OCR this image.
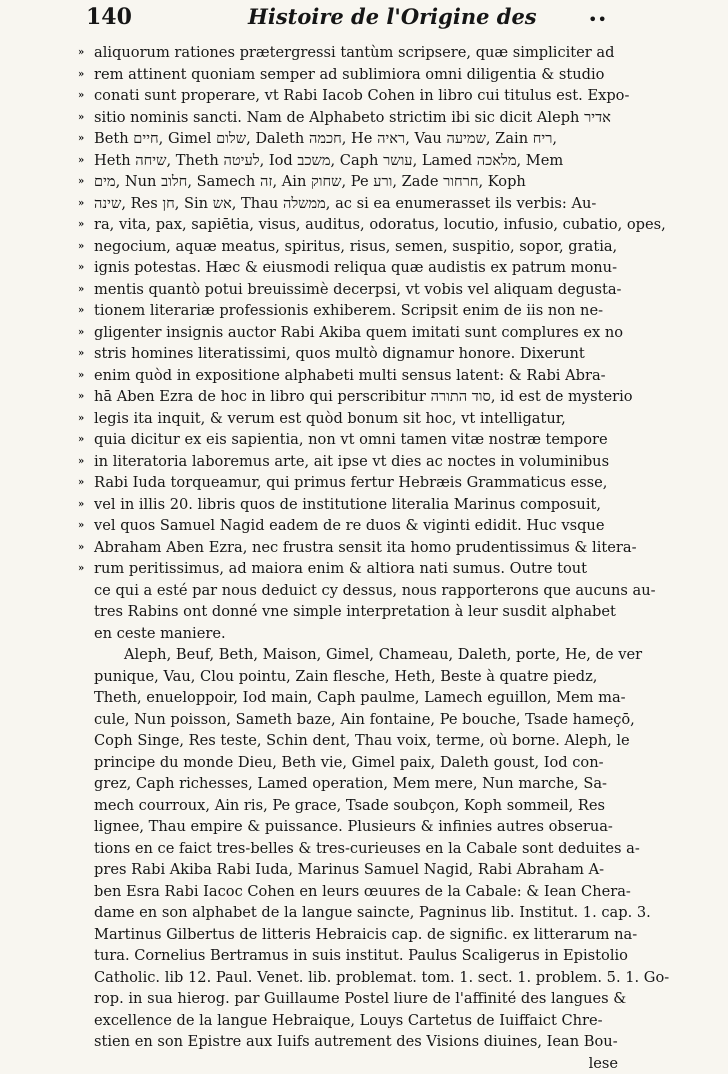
140	Histoire de l'Origine des	••
» aliquorum rationes prætergressi tantùm scripsere, quæ simpliciter ad
» rem attinent quoniam semper ad sublimiora omni diligentia & studio
» conati sunt properare, vt Rabi Iacob Cohen in libro cui titulus est. Expo-
» sitio nominis sancti. Nam de Alphabeto strictim ibi sic dicit Aleph אדיר
» Beth חיים, Gimel שלום, Daleth חכמה, He ראיה, Vau שמיעה, Zain ריח,
» Heth שיחה, Theth לעיטה, Iod משכב, Caph עושר, Lamed מלאכה, Mem
» מים, Nun חלוב, Samech זה, Ain שחוק, Pe ורע, Zade חרחור, Koph
» שינה, Res חן, Sin אש, Thau ממשלה, ac si ea enumerasset ils verbis: Au-
» ra, vita, pax, sapiētia, visus, auditus, odoratus, locutio, infusio, cubatio, opes,
» negocium, aquæ meatus, spiritus, risus, semen, suspitio, sopor, gratia,
» ignis potestas. Hæc & eiusmodi reliqua quæ audistis ex patrum monu-
» mentis quantò potui breuissimè decerpsi, vt vobis vel aliquam degusta-
» tionem literariæ professionis exhiberem. Scripsit enim de iis non ne-
» gligenter insignis auctor Rabi Akiba quem imitati sunt complures ex no
» stris homines literatissimi, quos multò dignamur honore. Dixerunt
» enim quòd in expositione alphabeti multi sensus latent: & Rabi Abra-
» hā Aben Ezra de hoc in libro qui perscribitur סוד התורה, id est de mysterio
» legis ita inquit, & verum est quòd bonum sit hoc, vt intelligatur,
» quia dicitur ex eis sapientia, non vt omni tamen vitæ nostræ tempore
» in literatoria laboremus arte, ait ipse vt dies ac noctes in voluminibus
» Rabi Iuda torqueamur, qui primus fertur Hebræis Grammaticus esse,
» vel in illis 20. libris quos de institutione literalia Marinus composuit,
» vel quos Samuel Nagid eadem de re duos & viginti edidit. Huc vsque
» Abraham Aben Ezra, nec frustra sensit ita homo prudentissimus & litera-
» rum peritissimus, ad maiora enim & altiora nati sumus. Outre tout
ce qui a esté par nous deduict cy dessus, nous rapporterons que aucuns au-
tres Rabins ont donné vne simple interpretation à leur susdit alphabet
en ceste maniere.
Aleph, Beuf, Beth, Maison, Gimel, Chameau, Daleth, porte, He, de ver
punique, Vau, Clou pointu, Zain flesche, Heth, Beste à quatre piedz,
Theth, enueloppoir, Iod main, Caph paulme, Lamech eguillon, Mem ma-
cule, Nun poisson, Sameth baze, Ain fontaine, Pe bouche, Tsade hameçō,
Coph Singe, Res teste, Schin dent, Thau voix, terme, où borne. Aleph, le
principe du monde Dieu, Beth vie, Gimel paix, Daleth goust, Iod con-
grez, Caph richesses, Lamed operation, Mem mere, Nun marche, Sa-
mech courroux, Ain ris, Pe grace, Tsade soubçon, Koph sommeil, Res
lignee, Thau empire & puissance. Plusieurs & infinies autres obserua-
tions en ce faict tres-belles & tres-curieuses en la Cabale sont deduites a-
pres Rabi Akiba Rabi Iuda, Marinus Samuel Nagid, Rabi Abraham A-
ben Esra Rabi Iacoc Cohen en leurs œuures de la Cabale: & Iean Chera-
dame en son alphabet de la langue saincte, Pagninus lib. Institut. 1. cap. 3.
Martinus Gilbertus de litteris Hebraicis cap. de signific. ex litterarum na-
tura. Cornelius Bertramus in suis institut. Paulus Scaligerus in Epistolio
Catholic. lib 12. Paul. Venet. lib. problemat. tom. 1. sect. 1. problem. 5. 1. Go-
rop. in sua hierog. par Guillaume Postel liure de l'affinité des langues &
excellence de la langue Hebraique, Louys Cartetus de Iuiffaict Chre-
stien en son Epistre aux Iuifs autrement des Visions diuines, Iean Bou-
lese
